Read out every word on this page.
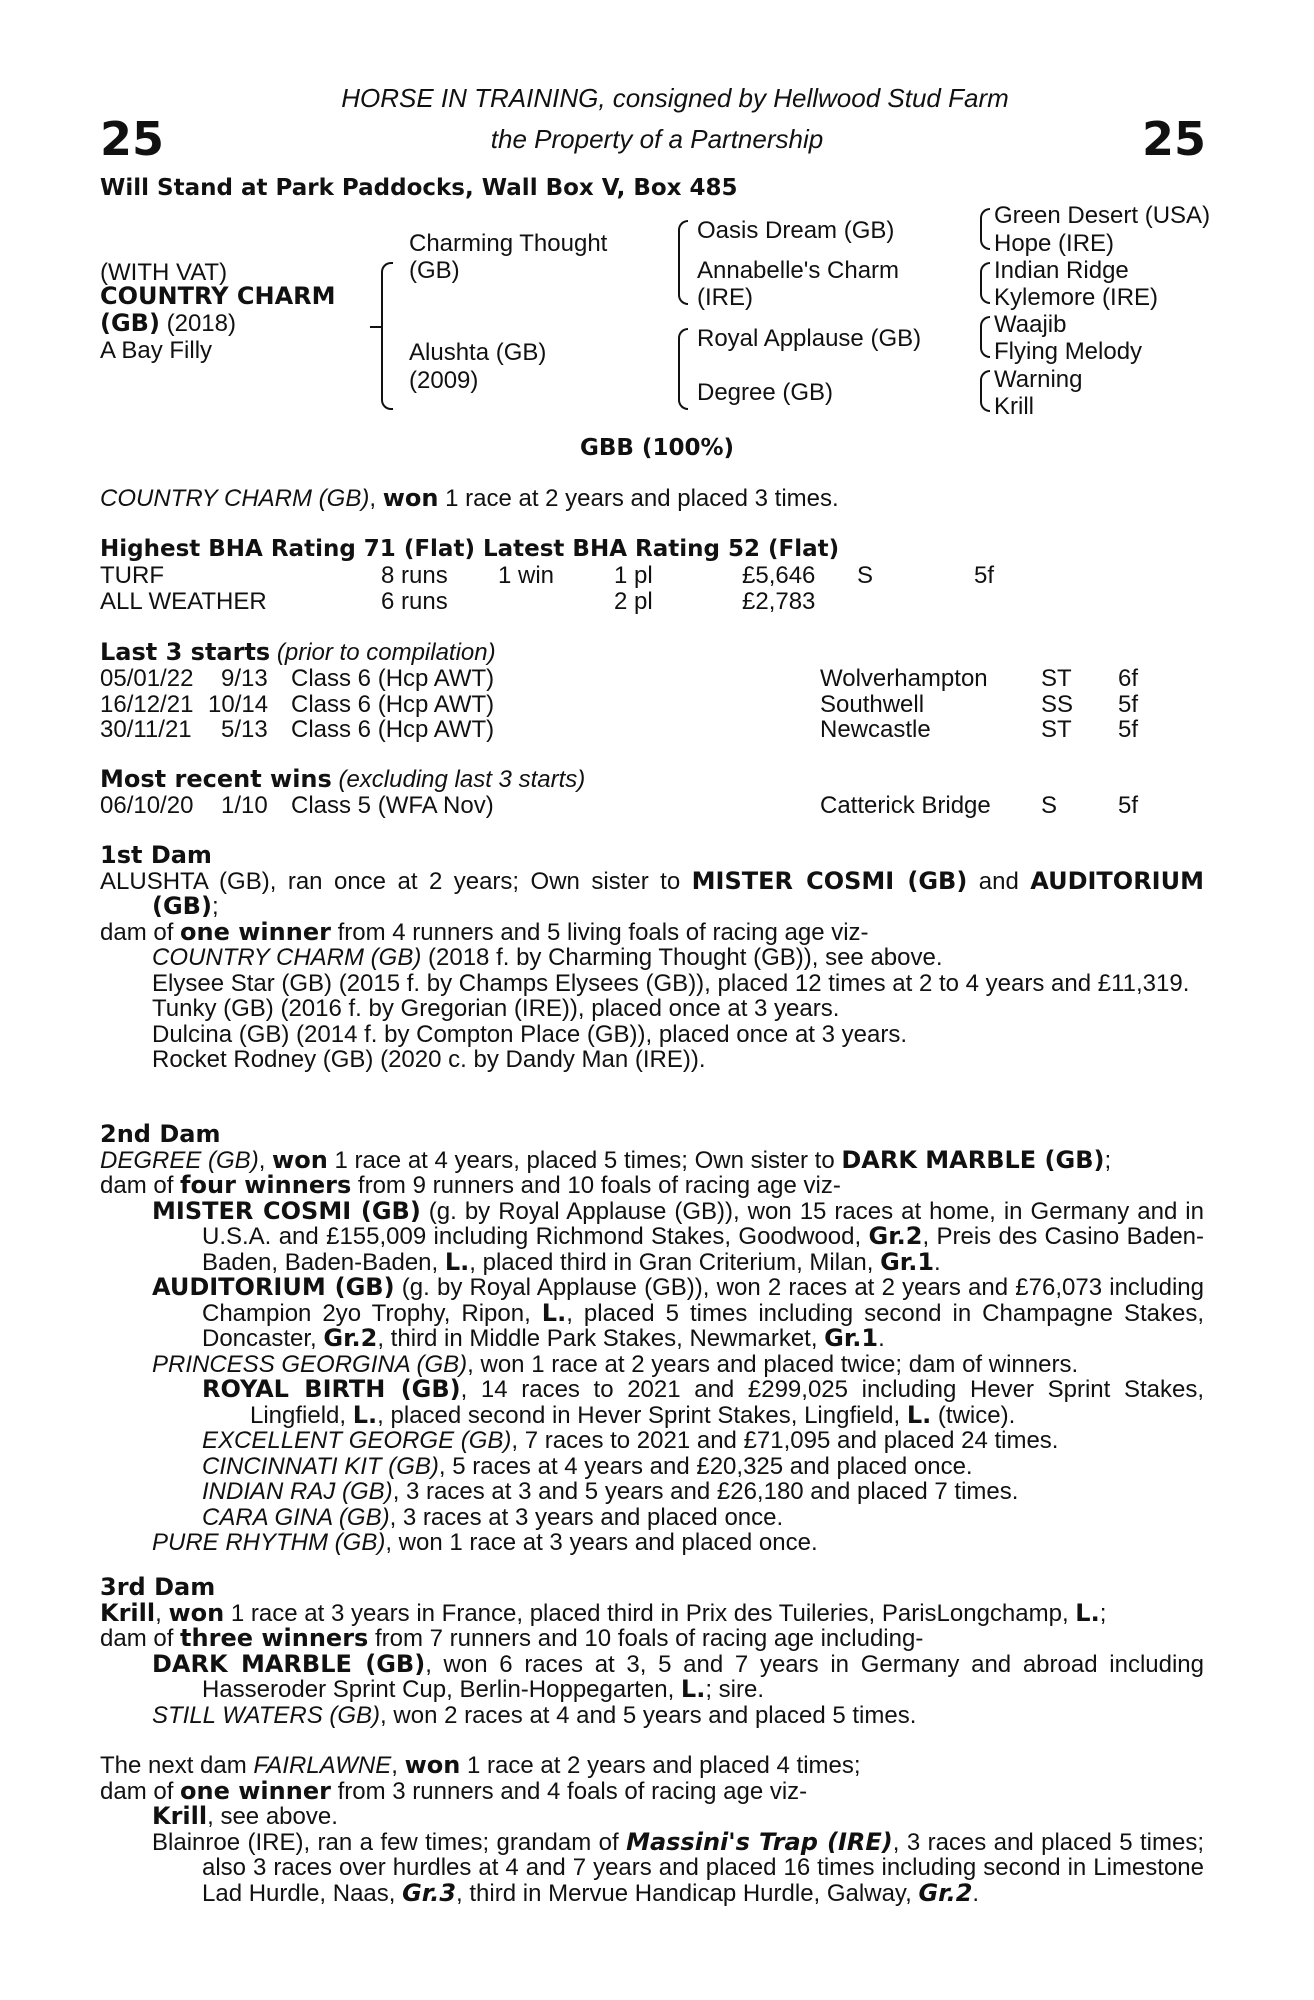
25	25
HORSE IN TRAINING, consigned by Hellwood Stud Farm
the Property of a Partnership
Will Stand at Park Paddocks, Wall Box V, Box 485
(WITH VAT)
COUNTRY CHARM
(GB) (2018)
A Bay Filly
Charming Thought
(GB)
Alushta (GB)
(2009)
Oasis Dream (GB)
Annabelle's Charm
(IRE)
Royal Applause (GB)
Degree (GB)
Green Desert (USA)
Hope (IRE)
Indian Ridge
Kylemore (IRE)
Waajib
Flying Melody
Warning
Krill
GBB (100%)
COUNTRY CHARM (GB), won 1 race at 2 years and placed 3 times.
Highest BHA Rating 71 (Flat) Latest BHA Rating 52 (Flat)
TURF	8 runs 1 win 1 pl	£5,646 S	5f
ALL WEATHER	6 runs	2 pl	£2,783
Last 3 starts (prior to compilation)
05/01/22 9/13 Class 6 (Hcp AWT)	Wolverhampton ST 6f
16/12/21 10/14 Class 6 (Hcp AWT)	Southwell	SS 5f
30/11/21 5/13 Class 6 (Hcp AWT)	Newcastle	ST 5f
Most recent wins (excluding last 3 starts)
06/10/20 1/10 Class 5 (WFA Nov)	Catterick Bridge S	5f
1st Dam
ALUSHTA (GB), ran once at 2 years; Own sister to MISTER COSMI (GB) and AUDITORIUM (GB);
dam of one winner from 4 runners and 5 living foals of racing age viz-
COUNTRY CHARM (GB) (2018 f. by Charming Thought (GB)), see above.
Elysee Star (GB) (2015 f. by Champs Elysees (GB)), placed 12 times at 2 to 4 years and £11,319.
Tunky (GB) (2016 f. by Gregorian (IRE)), placed once at 3 years.
Dulcina (GB) (2014 f. by Compton Place (GB)), placed once at 3 years.
Rocket Rodney (GB) (2020 c. by Dandy Man (IRE)).
2nd Dam
DEGREE (GB), won 1 race at 4 years, placed 5 times; Own sister to DARK MARBLE (GB);
dam of four winners from 9 runners and 10 foals of racing age viz-
MISTER COSMI (GB) (g. by Royal Applause (GB)), won 15 races at home, in Germany and in U.S.A. and £155,009 including Richmond Stakes, Goodwood, Gr.2, Preis des Casino Baden-Baden, Baden-Baden, L., placed third in Gran Criterium, Milan, Gr.1.
AUDITORIUM (GB) (g. by Royal Applause (GB)), won 2 races at 2 years and £76,073 including Champion 2yo Trophy, Ripon, L., placed 5 times including second in Champagne Stakes, Doncaster, Gr.2, third in Middle Park Stakes, Newmarket, Gr.1.
PRINCESS GEORGINA (GB), won 1 race at 2 years and placed twice; dam of winners.
ROYAL BIRTH (GB), 14 races to 2021 and £299,025 including Hever Sprint Stakes, Lingfield, L., placed second in Hever Sprint Stakes, Lingfield, L. (twice).
EXCELLENT GEORGE (GB), 7 races to 2021 and £71,095 and placed 24 times.
CINCINNATI KIT (GB), 5 races at 4 years and £20,325 and placed once.
INDIAN RAJ (GB), 3 races at 3 and 5 years and £26,180 and placed 7 times.
CARA GINA (GB), 3 races at 3 years and placed once.
PURE RHYTHM (GB), won 1 race at 3 years and placed once.
3rd Dam
Krill, won 1 race at 3 years in France, placed third in Prix des Tuileries, ParisLongchamp, L.;
dam of three winners from 7 runners and 10 foals of racing age including-
DARK MARBLE (GB), won 6 races at 3, 5 and 7 years in Germany and abroad including Hasseroder Sprint Cup, Berlin-Hoppegarten, L.; sire.
STILL WATERS (GB), won 2 races at 4 and 5 years and placed 5 times.
The next dam FAIRLAWNE, won 1 race at 2 years and placed 4 times;
dam of one winner from 3 runners and 4 foals of racing age viz-
Krill, see above.
Blainroe (IRE), ran a few times; grandam of Massini's Trap (IRE), 3 races and placed 5 times; also 3 races over hurdles at 4 and 7 years and placed 16 times including second in Limestone Lad Hurdle, Naas, Gr.3, third in Mervue Handicap Hurdle, Galway, Gr.2.
